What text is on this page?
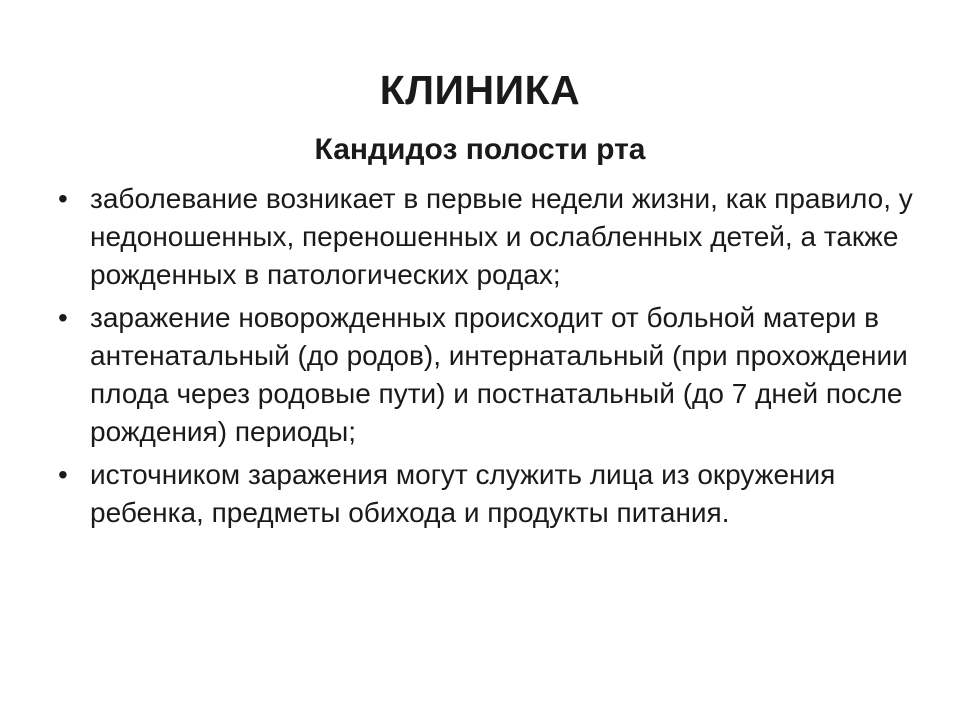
КЛИНИКА
Кандидоз полости рта
• заболевание возникает в первые недели жизни, как правило, у недоношенных, переношенных и ослабленных детей, а также рожденных в патологических родах;
• заражение новорожденных происходит от больной матери в антенатальный (до родов), интернатальный (при прохождении плода через родовые пути) и постнатальный (до 7 дней после рождения) периоды;
• источником заражения могут служить лица из окружения ребенка, предметы обихода и продукты питания.
